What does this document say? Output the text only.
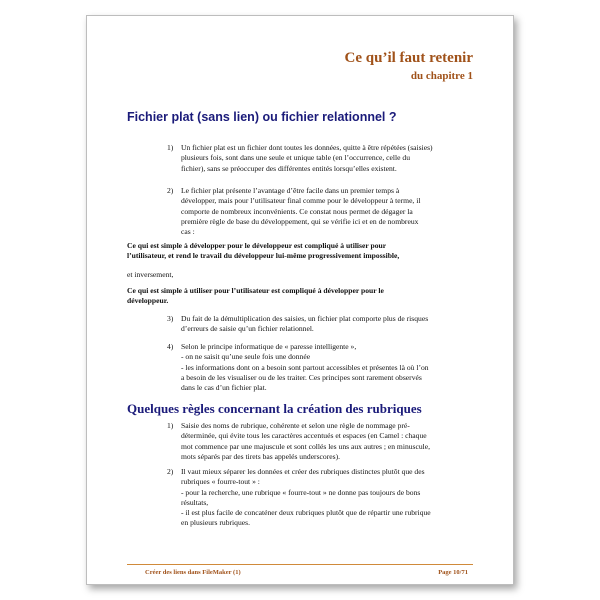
Ce qu’il faut retenir
du chapitre 1
Fichier plat (sans lien) ou fichier relationnel ?
1) Un fichier plat est un fichier dont toutes les données, quitte à être répétées (saisies)
plusieurs fois, sont dans une seule et unique table (en l’occurrence, celle du
fichier), sans se préoccuper des différentes entités lorsqu’elles existent.
2) Le fichier plat présente l’avantage d’être facile dans un premier temps à
développer, mais pour l’utilisateur final comme pour le développeur à terme, il
comporte de nombreux inconvénients. Ce constat nous permet de dégager la
première règle de base du développement, qui se vérifie ici et en de nombreux
cas :
Ce qui est simple à développer pour le développeur est compliqué à utiliser pour
l’utilisateur, et rend le travail du développeur lui-même progressivement impossible,
et inversement,
Ce qui est simple à utiliser pour l’utilisateur est compliqué à développer pour le
développeur.
3) Du fait de la démultiplication des saisies, un fichier plat comporte plus de risques
d’erreurs de saisie qu’un fichier relationnel.
4) Selon le principe informatique de « paresse intelligente »,
- on ne saisit qu’une seule fois une donnée
- les informations dont on a besoin sont partout accessibles et présentes là où l’on
a besoin de les visualiser ou de les traiter. Ces principes sont rarement observés
dans le cas d’un fichier plat.
Quelques règles concernant la création des rubriques
1) Saisie des noms de rubrique, cohérente et selon une règle de nommage pré-
déterminée, qui évite tous les caractères accentués et espaces (en Camel : chaque
mot commence par une majuscule et sont collés les uns aux autres ; en minuscule,
mots séparés par des tirets bas appelés underscores).
2) Il vaut mieux séparer les données et créer des rubriques distinctes plutôt que des
rubriques « fourre-tout » :
- pour la recherche, une rubrique « fourre-tout » ne donne pas toujours de bons
résultats,
- il est plus facile de concaténer deux rubriques plutôt que de répartir une rubrique
en plusieurs rubriques.
Créer des liens dans FileMaker (1)	Page 10/71
